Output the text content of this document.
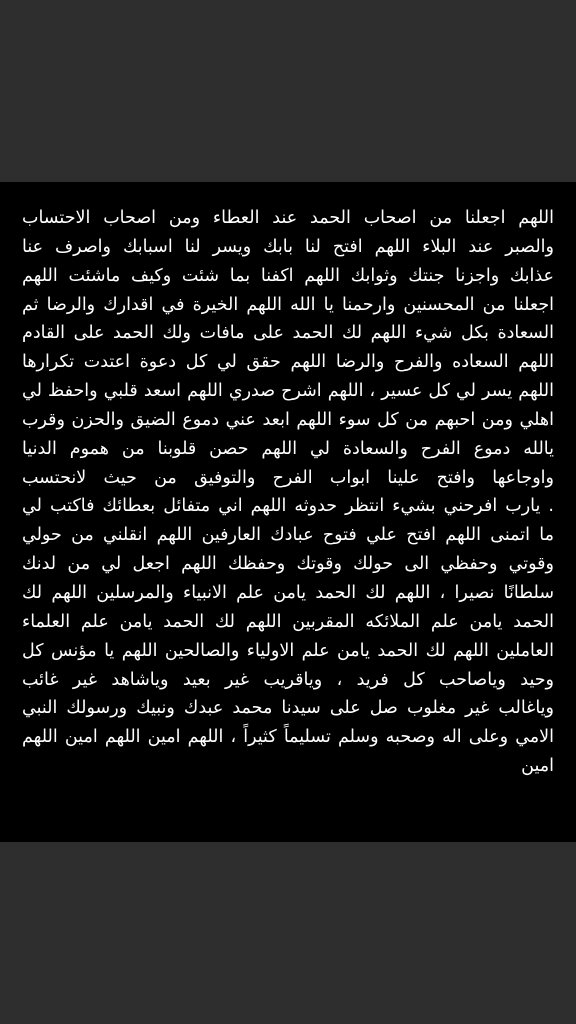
اللهم اجعلنا من اصحاب الحمد عند العطاء ومن اصحاب الاحتساب
والصبر عند البلاء اللهم افتح لنا بابك ويسر لنا اسبابك واصرف عنا
عذابك واجزنا جنتك وثوابك اللهم اكفنا بما شئت وكيف ماشئت اللهم
اجعلنا من المحسنين وارحمنا يا الله اللهم الخيرة في اقدارك والرضا ثم
السعادة بكل شيء اللهم لك الحمد على مافات ولك الحمد على القادم
اللهم السعاده والفرح والرضا اللهم حقق لي كل دعوة اعتدت تكرارها
اللهم يسر لي كل عسير ، اللهم اشرح صدري اللهم اسعد قلبي واحفظ لي
اهلي ومن احبهم من كل سوء اللهم ابعد عني دموع الضيق والحزن وقرب
يالله دموع الفرح والسعادة لي اللهم حصن قلوبنا من هموم الدنيا
واوجاعها وافتح علينا ابواب الفرح والتوفيق من حيث لانحتسب
. يارب افرحني بشيء انتظر حدوثه اللهم اني متفائل بعطائك فاكتب لي
ما اتمنى اللهم افتح علي فتوح عبادك العارفين اللهم انقلني من حولي
وقوتي وحفظي الى حولك وقوتك وحفظك اللهم اجعل لي من لدنك
سلطانًا نصيرا ، اللهم لك الحمد يامن علم الانبياء والمرسلين اللهم لك
الحمد يامن علم الملائكه المقربين اللهم لك الحمد يامن علم العلماء
العاملين اللهم لك الحمد يامن علم الاولياء والصالحين اللهم يا مؤنس كل
وحيد وياصاحب كل فريد ، وياقريب غير بعيد وياشاهد غير غائب
وياغالب غير مغلوب صل على سيدنا محمد عبدك ونبيك ورسولك النبي
الامي وعلى اله وصحبه وسلم تسليماً كثيراً ، اللهم امين اللهم امين اللهم
امين
